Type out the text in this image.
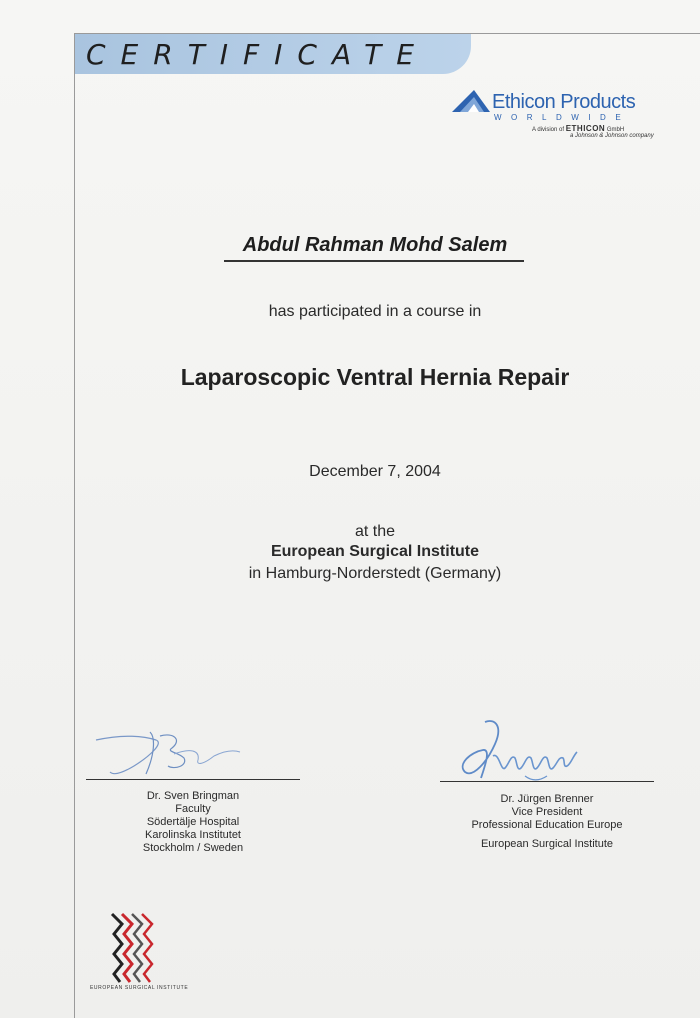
CERTIFICATE
Ethicon Products
WORLDWIDE
A division of ETHICON GmbH
a Johnson & Johnson company
Abdul Rahman Mohd Salem
has participated in a course in
Laparoscopic Ventral Hernia Repair
December 7, 2004
at the
European Surgical Institute
in Hamburg-Norderstedt (Germany)
Dr. Sven Bringman
Faculty
Södertälje Hospital
Karolinska Institutet
Stockholm / Sweden
Dr. Jürgen Brenner
Vice President
Professional Education Europe
European Surgical Institute
EUROPEAN SURGICAL INSTITUTE
